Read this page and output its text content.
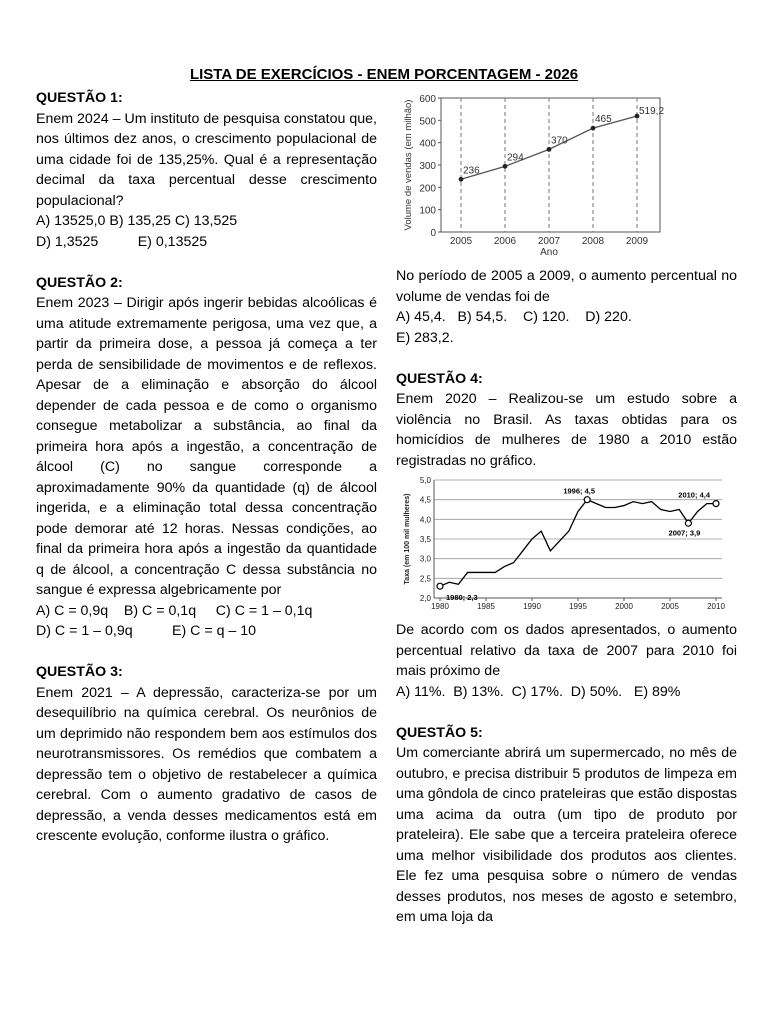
LISTA DE EXERCÍCIOS - ENEM PORCENTAGEM - 2026
QUESTÃO 1:
Enem 2024 – Um instituto de pesquisa constatou que, nos últimos dez anos, o crescimento populacional de uma cidade foi de 135,25%. Qual é a representação decimal da taxa percentual desse crescimento populacional?
A) 13525,0 B) 135,25 C) 13,525
D) 1,3525          E) 0,13525
QUESTÃO 2:
Enem 2023 – Dirigir após ingerir bebidas alcoólicas é uma atitude extremamente perigosa, uma vez que, a partir da primeira dose, a pessoa já começa a ter perda de sensibilidade de movimentos e de reflexos. Apesar de a eliminação e absorção do álcool depender de cada pessoa e de como o organismo consegue metabolizar a substância, ao final da primeira hora após a ingestão, a concentração de álcool (C) no sangue corresponde a aproximadamente 90% da quantidade (q) de álcool ingerida, e a eliminação total dessa concentração pode demorar até 12 horas. Nessas condições, ao final da primeira hora após a ingestão da quantidade q de álcool, a concentração C dessa substância no sangue é expressa algebricamente por
A) C = 0,9q    B) C = 0,1q     C) C = 1 – 0,1q
D) C = 1 – 0,9q          E) C = q – 10
QUESTÃO 3:
Enem 2021 – A depressão, caracteriza-se por um desequilíbrio na química cerebral. Os neurônios de um deprimido não respondem bem aos estímulos dos neurotransmissores. Os remédios que combatem a depressão tem o objetivo de restabelecer a química cerebral. Com o aumento gradativo de casos de depressão, a venda desses medicamentos está em crescente evolução, conforme ilustra o gráfico.
0
100
200
300
400
500
600
2005 2006 2007 2008 2009
Ano
Volume de vendas (em milhão)	236
294
370
465
519,2
No período de 2005 a 2009, o aumento percentual no volume de vendas foi de
A) 45,4.   B) 54,5.    C) 120.    D) 220.
E) 283,2.
QUESTÃO 4:
Enem 2020 – Realizou-se um estudo sobre a violência no Brasil. As taxas obtidas para os homicídios de mulheres de 1980 a 2010 estão registradas no gráfico.
2,0
2,5
3,0
3,5
4,0
4,5
5,0
1980	1985	1990	1995	2000	2005	2010
Taxa (em 100 mil mulheres)
1980; 2,3
1996; 4,5
2007; 3,9
2010; 4,4
De acordo com os dados apresentados, o aumento percentual relativo da taxa de 2007 para 2010 foi mais próximo de
A) 11%.  B) 13%.  C) 17%.  D) 50%.   E) 89%
QUESTÃO 5:
Um comerciante abrirá um supermercado, no mês de outubro, e precisa distribuir 5 produtos de limpeza em uma gôndola de cinco prateleiras que estão dispostas uma acima da outra (um tipo de produto por prateleira). Ele sabe que a terceira prateleira oferece uma melhor visibilidade dos produtos aos clientes. Ele fez uma pesquisa sobre o número de vendas desses produtos, nos meses de agosto e setembro, em uma loja da
